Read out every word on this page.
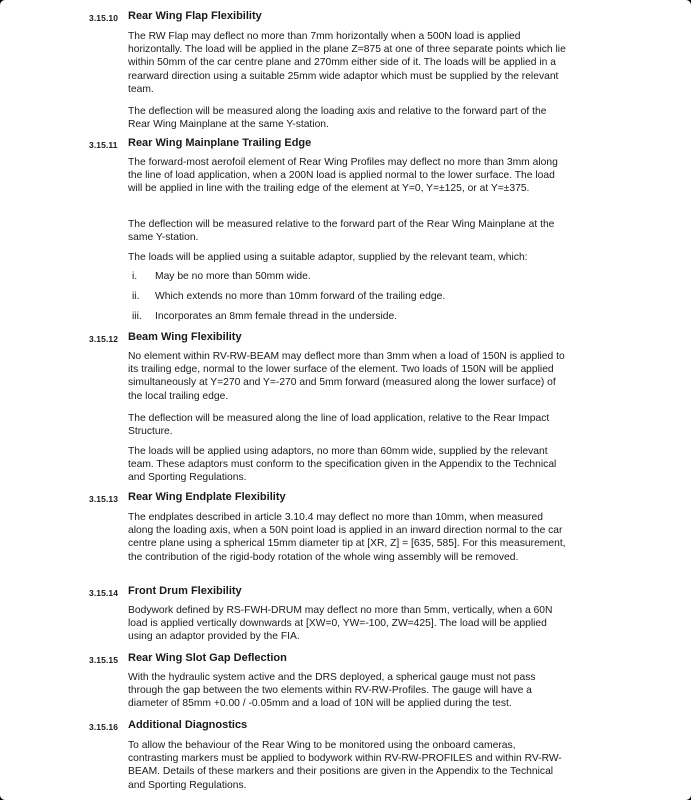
3.15.10 Rear Wing Flap Flexibility

The RW Flap may deflect no more than 7mm horizontally when a 500N load is applied horizontally. The load will be applied in the plane Z=875 at one of three separate points which lie within 50mm of the car centre plane and 270mm either side of it. The loads will be applied in a rearward direction using a suitable 25mm wide adaptor which must be supplied by the relevant team.

The deflection will be measured along the loading axis and relative to the forward part of the Rear Wing Mainplane at the same Y-station.

3.15.11 Rear Wing Mainplane Trailing Edge

The forward-most aerofoil element of Rear Wing Profiles may deflect no more than 3mm along the line of load application, when a 200N load is applied normal to the lower surface. The load will be applied in line with the trailing edge of the element at Y=0, Y=±125, or at Y=±375.

The deflection will be measured relative to the forward part of the Rear Wing Mainplane at the same Y-station.

The loads will be applied using a suitable adaptor, supplied by the relevant team, which:

i.	May be no more than 50mm wide.
ii.	Which extends no more than 10mm forward of the trailing edge.
iii.	Incorporates an 8mm female thread in the underside.
3.15.12 Beam Wing Flexibility

No element within RV-RW-BEAM may deflect more than 3mm when a load of 150N is applied to its trailing edge, normal to the lower surface of the element. Two loads of 150N will be applied simultaneously at Y=270 and Y=-270 and 5mm forward (measured along the lower surface) of the local trailing edge.

The deflection will be measured along the line of load application, relative to the Rear Impact Structure.

The loads will be applied using adaptors, no more than 60mm wide, supplied by the relevant team. These adaptors must conform to the specification given in the Appendix to the Technical and Sporting Regulations.

3.15.13 Rear Wing Endplate Flexibility

The endplates described in article 3.10.4 may deflect no more than 10mm, when measured along the loading axis, when a 50N point load is applied in an inward direction normal to the car centre plane using a spherical 15mm diameter tip at [XR, Z] = [635, 585]. For this measurement, the contribution of the rigid-body rotation of the whole wing assembly will be removed.

3.15.14 Front Drum Flexibility

Bodywork defined by RS-FWH-DRUM may deflect no more than 5mm, vertically, when a 60N load is applied vertically downwards at [XW=0, YW=-100, ZW=425]. The load will be applied using an adaptor provided by the FIA.

3.15.15 Rear Wing Slot Gap Deflection

With the hydraulic system active and the DRS deployed, a spherical gauge must not pass through the gap between the two elements within RV-RW-Profiles. The gauge will have a diameter of 85mm +0.00 / -0.05mm and a load of 10N will be applied during the test.

3.15.16 Additional Diagnostics

To allow the behaviour of the Rear Wing to be monitored using the onboard cameras, contrasting markers must be applied to bodywork within RV-RW-PROFILES and within RV-RW-BEAM. Details of these markers and their positions are given in the Appendix to the Technical and Sporting Regulations.
